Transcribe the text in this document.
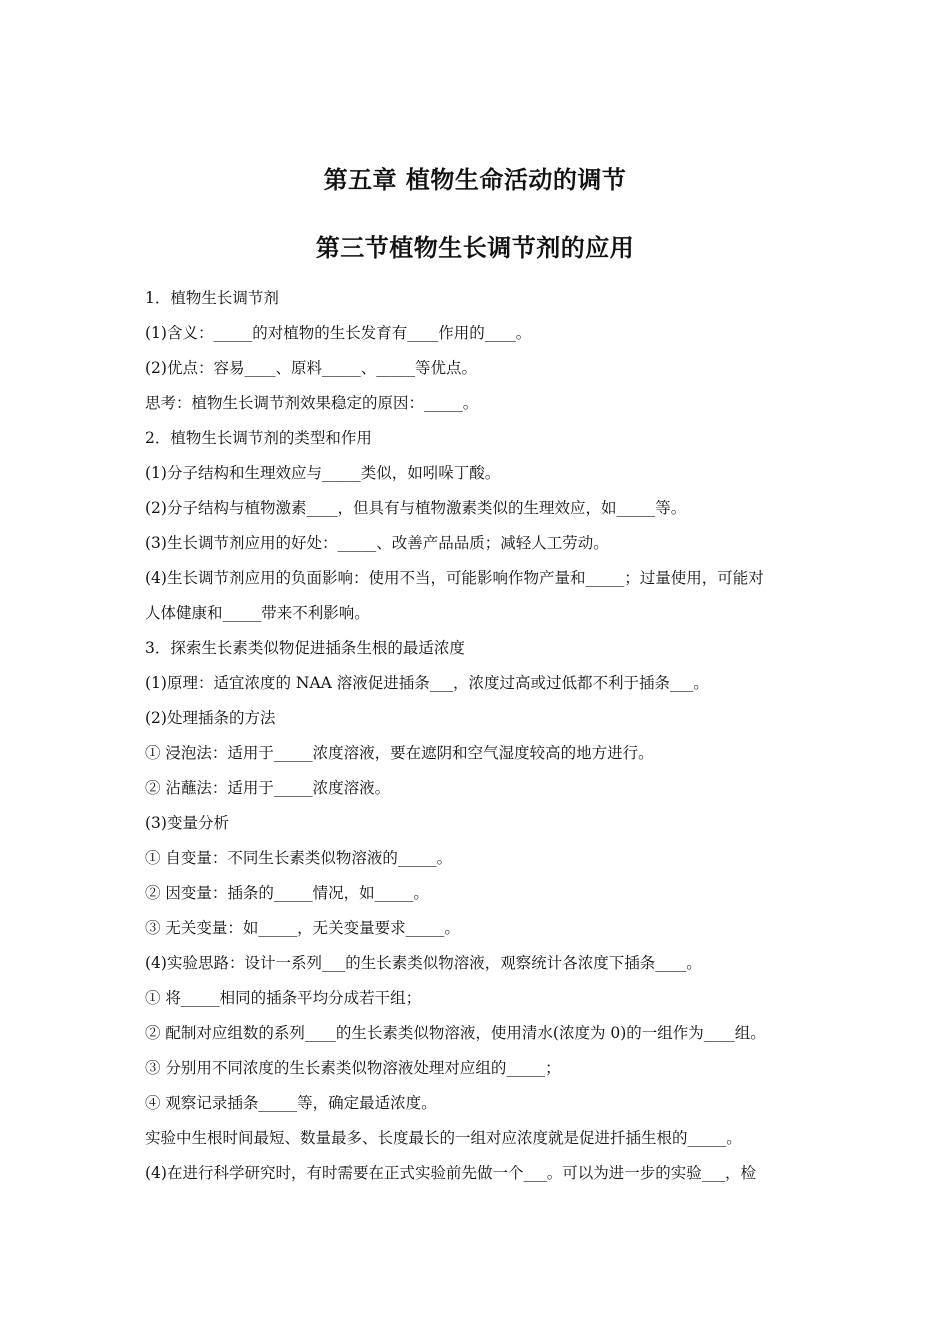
第五章 植物生命活动的调节
第三节植物生长调节剂的应用
1．植物生长调节剂
(1)含义：_____的对植物的生长发育有____作用的____。
(2)优点：容易____、原料_____、_____等优点。
思考：植物生长调节剂效果稳定的原因：_____。
2．植物生长调节剂的类型和作用
(1)分子结构和生理效应与_____类似，如吲哚丁酸。
(2)分子结构与植物激素____，但具有与植物激素类似的生理效应，如_____等。
(3)生长调节剂应用的好处：_____、改善产品品质；减轻人工劳动。
(4)生长调节剂应用的负面影响：使用不当，可能影响作物产量和_____；过量使用，可能对
人体健康和_____带来不利影响。
3．探索生长素类似物促进插条生根的最适浓度
(1)原理：适宜浓度的 NAA 溶液促进插条___，浓度过高或过低都不利于插条___。
(2)处理插条的方法
① 浸泡法：适用于_____浓度溶液，要在遮阴和空气湿度较高的地方进行。
② 沾蘸法：适用于_____浓度溶液。
(3)变量分析
① 自变量：不同生长素类似物溶液的_____。
② 因变量：插条的_____情况，如_____。
③ 无关变量：如_____，无关变量要求_____。
(4)实验思路：设计一系列___的生长素类似物溶液，观察统计各浓度下插条____。
① 将_____相同的插条平均分成若干组；
② 配制对应组数的系列____的生长素类似物溶液，使用清水(浓度为 0)的一组作为____组。
③ 分别用不同浓度的生长素类似物溶液处理对应组的_____；
④ 观察记录插条_____等，确定最适浓度。
实验中生根时间最短、数量最多、长度最长的一组对应浓度就是促进扦插生根的_____。
(4)在进行科学研究时，有时需要在正式实验前先做一个___。可以为进一步的实验___，检
